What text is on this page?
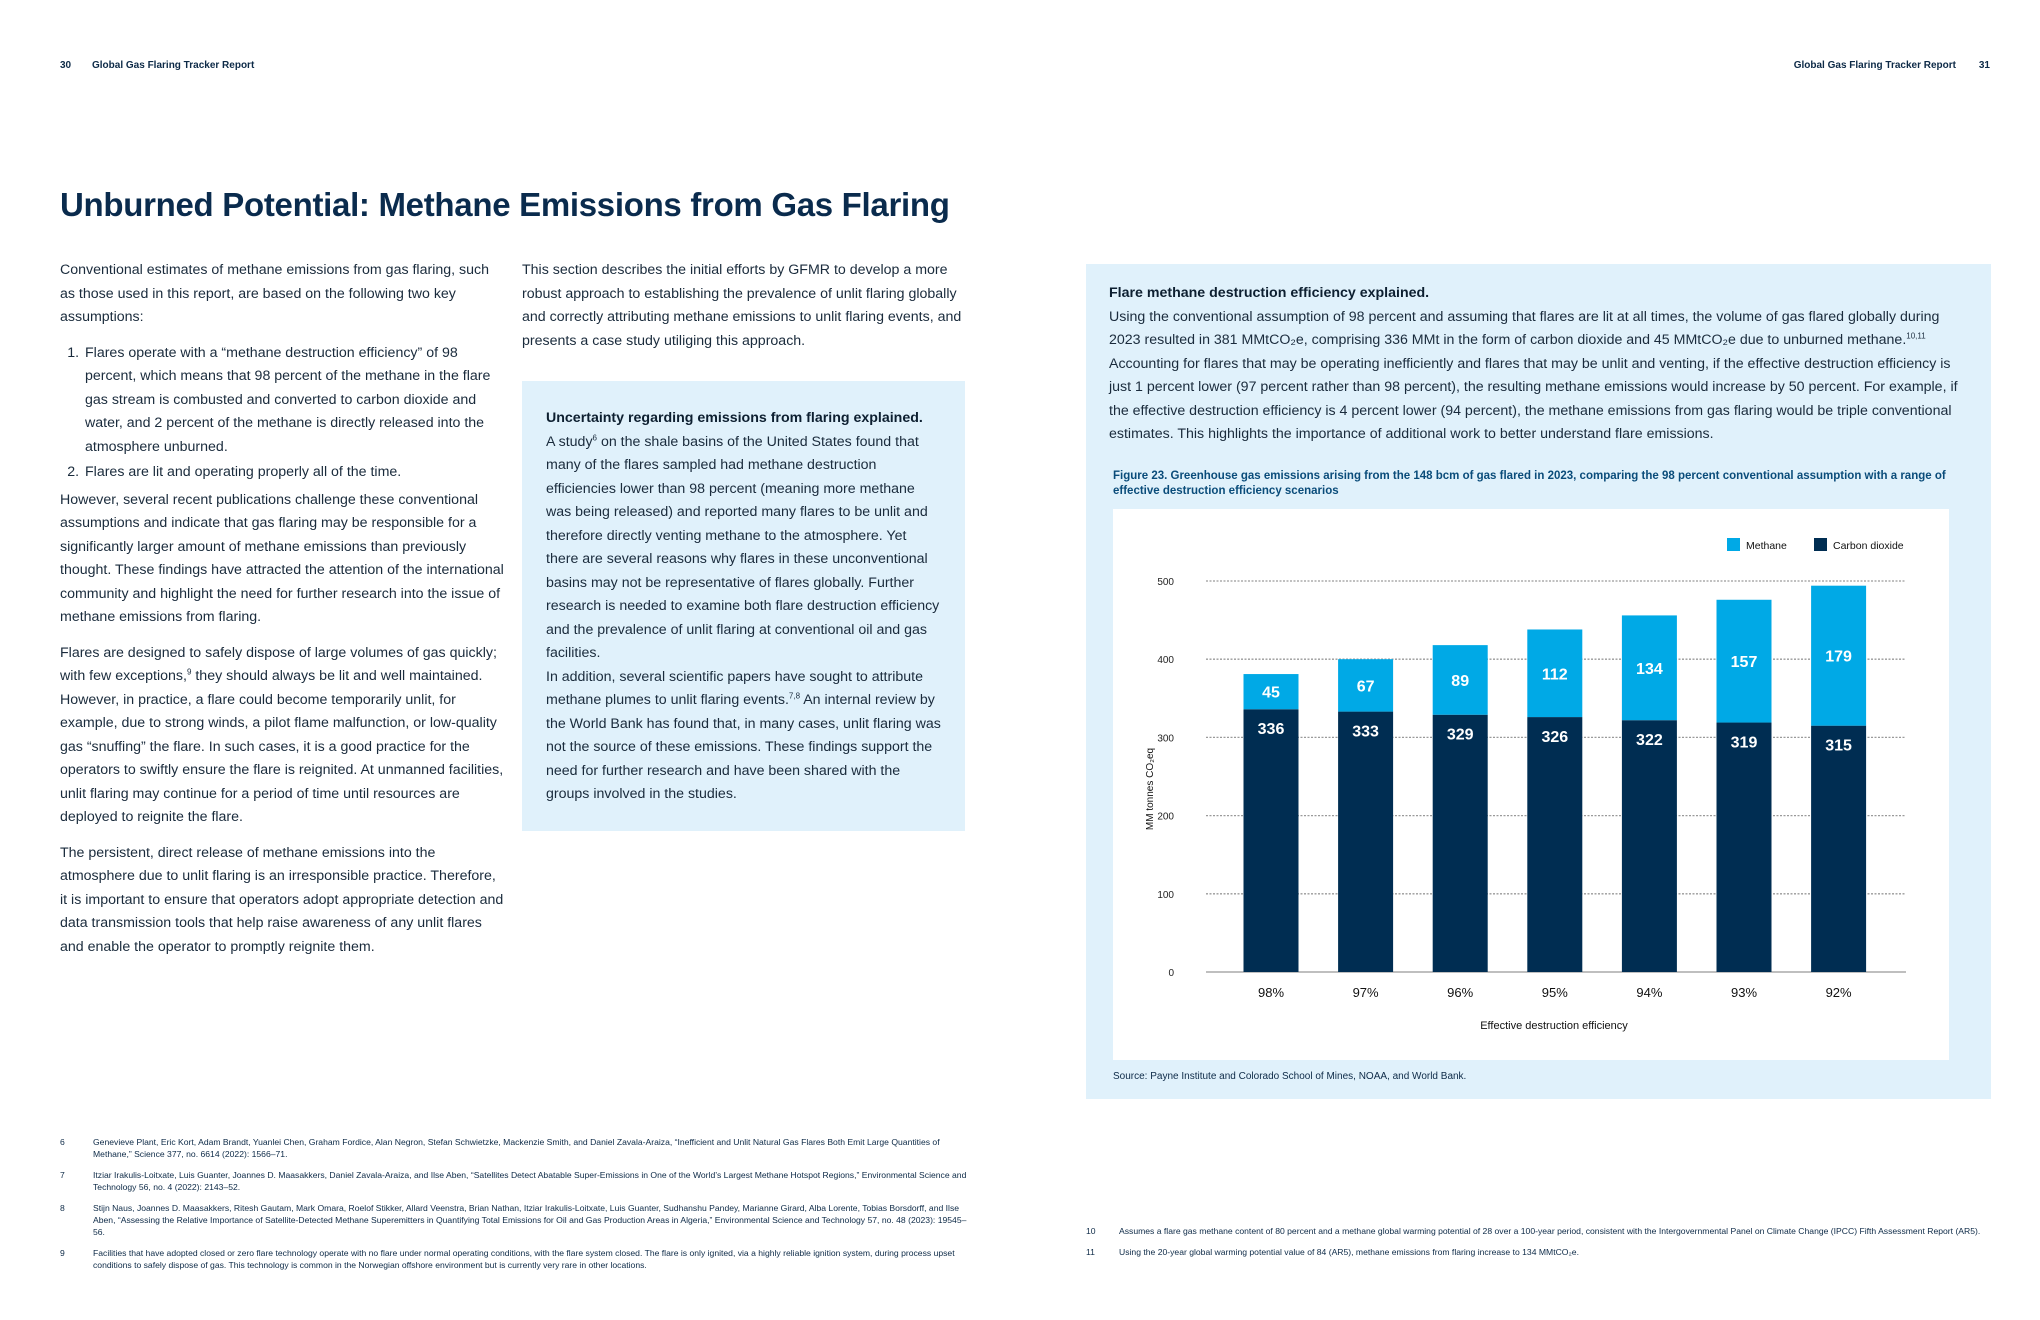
30 Global Gas Flaring Tracker Report	Global Gas Flaring Tracker Report 31
Unburned Potential: Methane Emissions from Gas Flaring

Conventional estimates of methane emissions from gas flaring, such as those used in this report, are based on the following two key assumptions:

1. Flares operate with a “methane destruction efficiency” of 98 percent, which means that 98 percent of the methane in the flare gas stream is combusted and converted to carbon dioxide and water, and 2 percent of the methane is directly released into the atmosphere unburned.
2. Flares are lit and operating properly all of the time.

However, several recent publications challenge these conventional assumptions and indicate that gas flaring may be responsible for a significantly larger amount of methane emissions than previously thought. These findings have attracted the attention of the international community and highlight the need for further research into the issue of methane emissions from flaring.

Flares are designed to safely dispose of large volumes of gas quickly; with few exceptions,$^9$ they should always be lit and well maintained. However, in practice, a flare could become temporarily unlit, for example, due to strong winds, a pilot flame malfunction, or low-quality gas “snuffing” the flare. In such cases, it is a good practice for the operators to swiftly ensure the flare is reignited. At unmanned facilities, unlit flaring may continue for a period of time until resources are deployed to reignite the flare.

The persistent, direct release of methane emissions into the atmosphere due to unlit flaring is an irresponsible practice. Therefore, it is important to ensure that operators adopt appropriate detection and data transmission tools that help raise awareness of any unlit flares and enable the operator to promptly reignite them.

This section describes the initial efforts by GFMR to develop a more robust approach to establishing the prevalence of unlit flaring globally and correctly attributing methane emissions to unlit flaring events, and presents a case study utiliging this approach.
Uncertainty regarding emissions from flaring explained.
A study$^6$ on the shale basins of the United States found that many of the flares sampled had methane destruction efficiencies lower than 98 percent (meaning more methane was being released) and reported many flares to be unlit and therefore directly venting methane to the atmosphere. Yet there are several reasons why flares in these unconventional basins may not be representative of flares globally. Further research is needed to examine both flare destruction efficiency and the prevalence of unlit flaring at conventional oil and gas facilities.
In addition, several scientific papers have sought to attribute methane plumes to unlit flaring events.$^{7,8}$ An internal review by the World Bank has found that, in many cases, unlit flaring was not the source of these emissions. These findings support the need for further research and have been shared with the groups involved in the studies.
Flare methane destruction efficiency explained.
Using the conventional assumption of 98 percent and assuming that flares are lit at all times, the volume of gas flared globally during 2023 resulted in 381 MMtCO₂e, comprising 336 MMt in the form of carbon dioxide and 45 MMtCO₂e due to unburned methane.$^{10,11}$
Accounting for flares that may be operating inefficiently and flares that may be unlit and venting, if the effective destruction efficiency is just 1 percent lower (97 percent rather than 98 percent), the resulting methane emissions would increase by 50 percent. For example, if the effective destruction efficiency is 4 percent lower (94 percent), the methane emissions from gas flaring would be triple conventional estimates. This highlights the importance of additional work to better understand flare emissions.
Figure 23. Greenhouse gas emissions arising from the 148 bcm of gas flared in 2023, comparing the 98 percent conventional assumption with a range of effective destruction efficiency scenarios
0
100
200
300
400
500
336
45
98%
333
67
97%
329
89
96%
326
112
95%
322
134
94%
319
157
93%
315
179
92%
Effective destruction efficiency
MM tonnes CO₂eq
Methane	Carbon dioxide
Source: Payne Institute and Colorado School of Mines, NOAA, and World Bank.
6	Genevieve Plant, Eric Kort, Adam Brandt, Yuanlei Chen, Graham Fordice, Alan Negron, Stefan Schwietzke, Mackenzie Smith, and Daniel Zavala-Araiza, “Inefficient and Unlit Natural Gas Flares Both Emit Large Quantities of Methane,” Science 377, no. 6614 (2022): 1566–71.
7	Itziar Irakulis-Loitxate, Luis Guanter, Joannes D. Maasakkers, Daniel Zavala-Araiza, and Ilse Aben, “Satellites Detect Abatable Super-Emissions in One of the World’s Largest Methane Hotspot Regions,” Environmental Science and Technology 56, no. 4 (2022): 2143–52.
8	Stijn Naus, Joannes D. Maasakkers, Ritesh Gautam, Mark Omara, Roelof Stikker, Allard Veenstra, Brian Nathan, Itziar Irakulis-Loitxate, Luis Guanter, Sudhanshu Pandey, Marianne Girard, Alba Lorente, Tobias Borsdorff, and Ilse Aben, “Assessing the Relative Importance of Satellite-Detected Methane Superemitters in Quantifying Total Emissions for Oil and Gas Production Areas in Algeria,” Environmental Science and Technology 57, no. 48 (2023): 19545–56.
9	Facilities that have adopted closed or zero flare technology operate with no flare under normal operating conditions, with the flare system closed. The flare is only ignited, via a highly reliable ignition system, during process upset conditions to safely dispose of gas. This technology is common in the Norwegian offshore environment but is currently very rare in other locations.
10	Assumes a flare gas methane content of 80 percent and a methane global warming potential of 28 over a 100-year period, consistent with the Intergovernmental Panel on Climate Change (IPCC) Fifth Assessment Report (AR5).
11	Using the 20-year global warming potential value of 84 (AR5), methane emissions from flaring increase to 134 MMtCO₂e.
